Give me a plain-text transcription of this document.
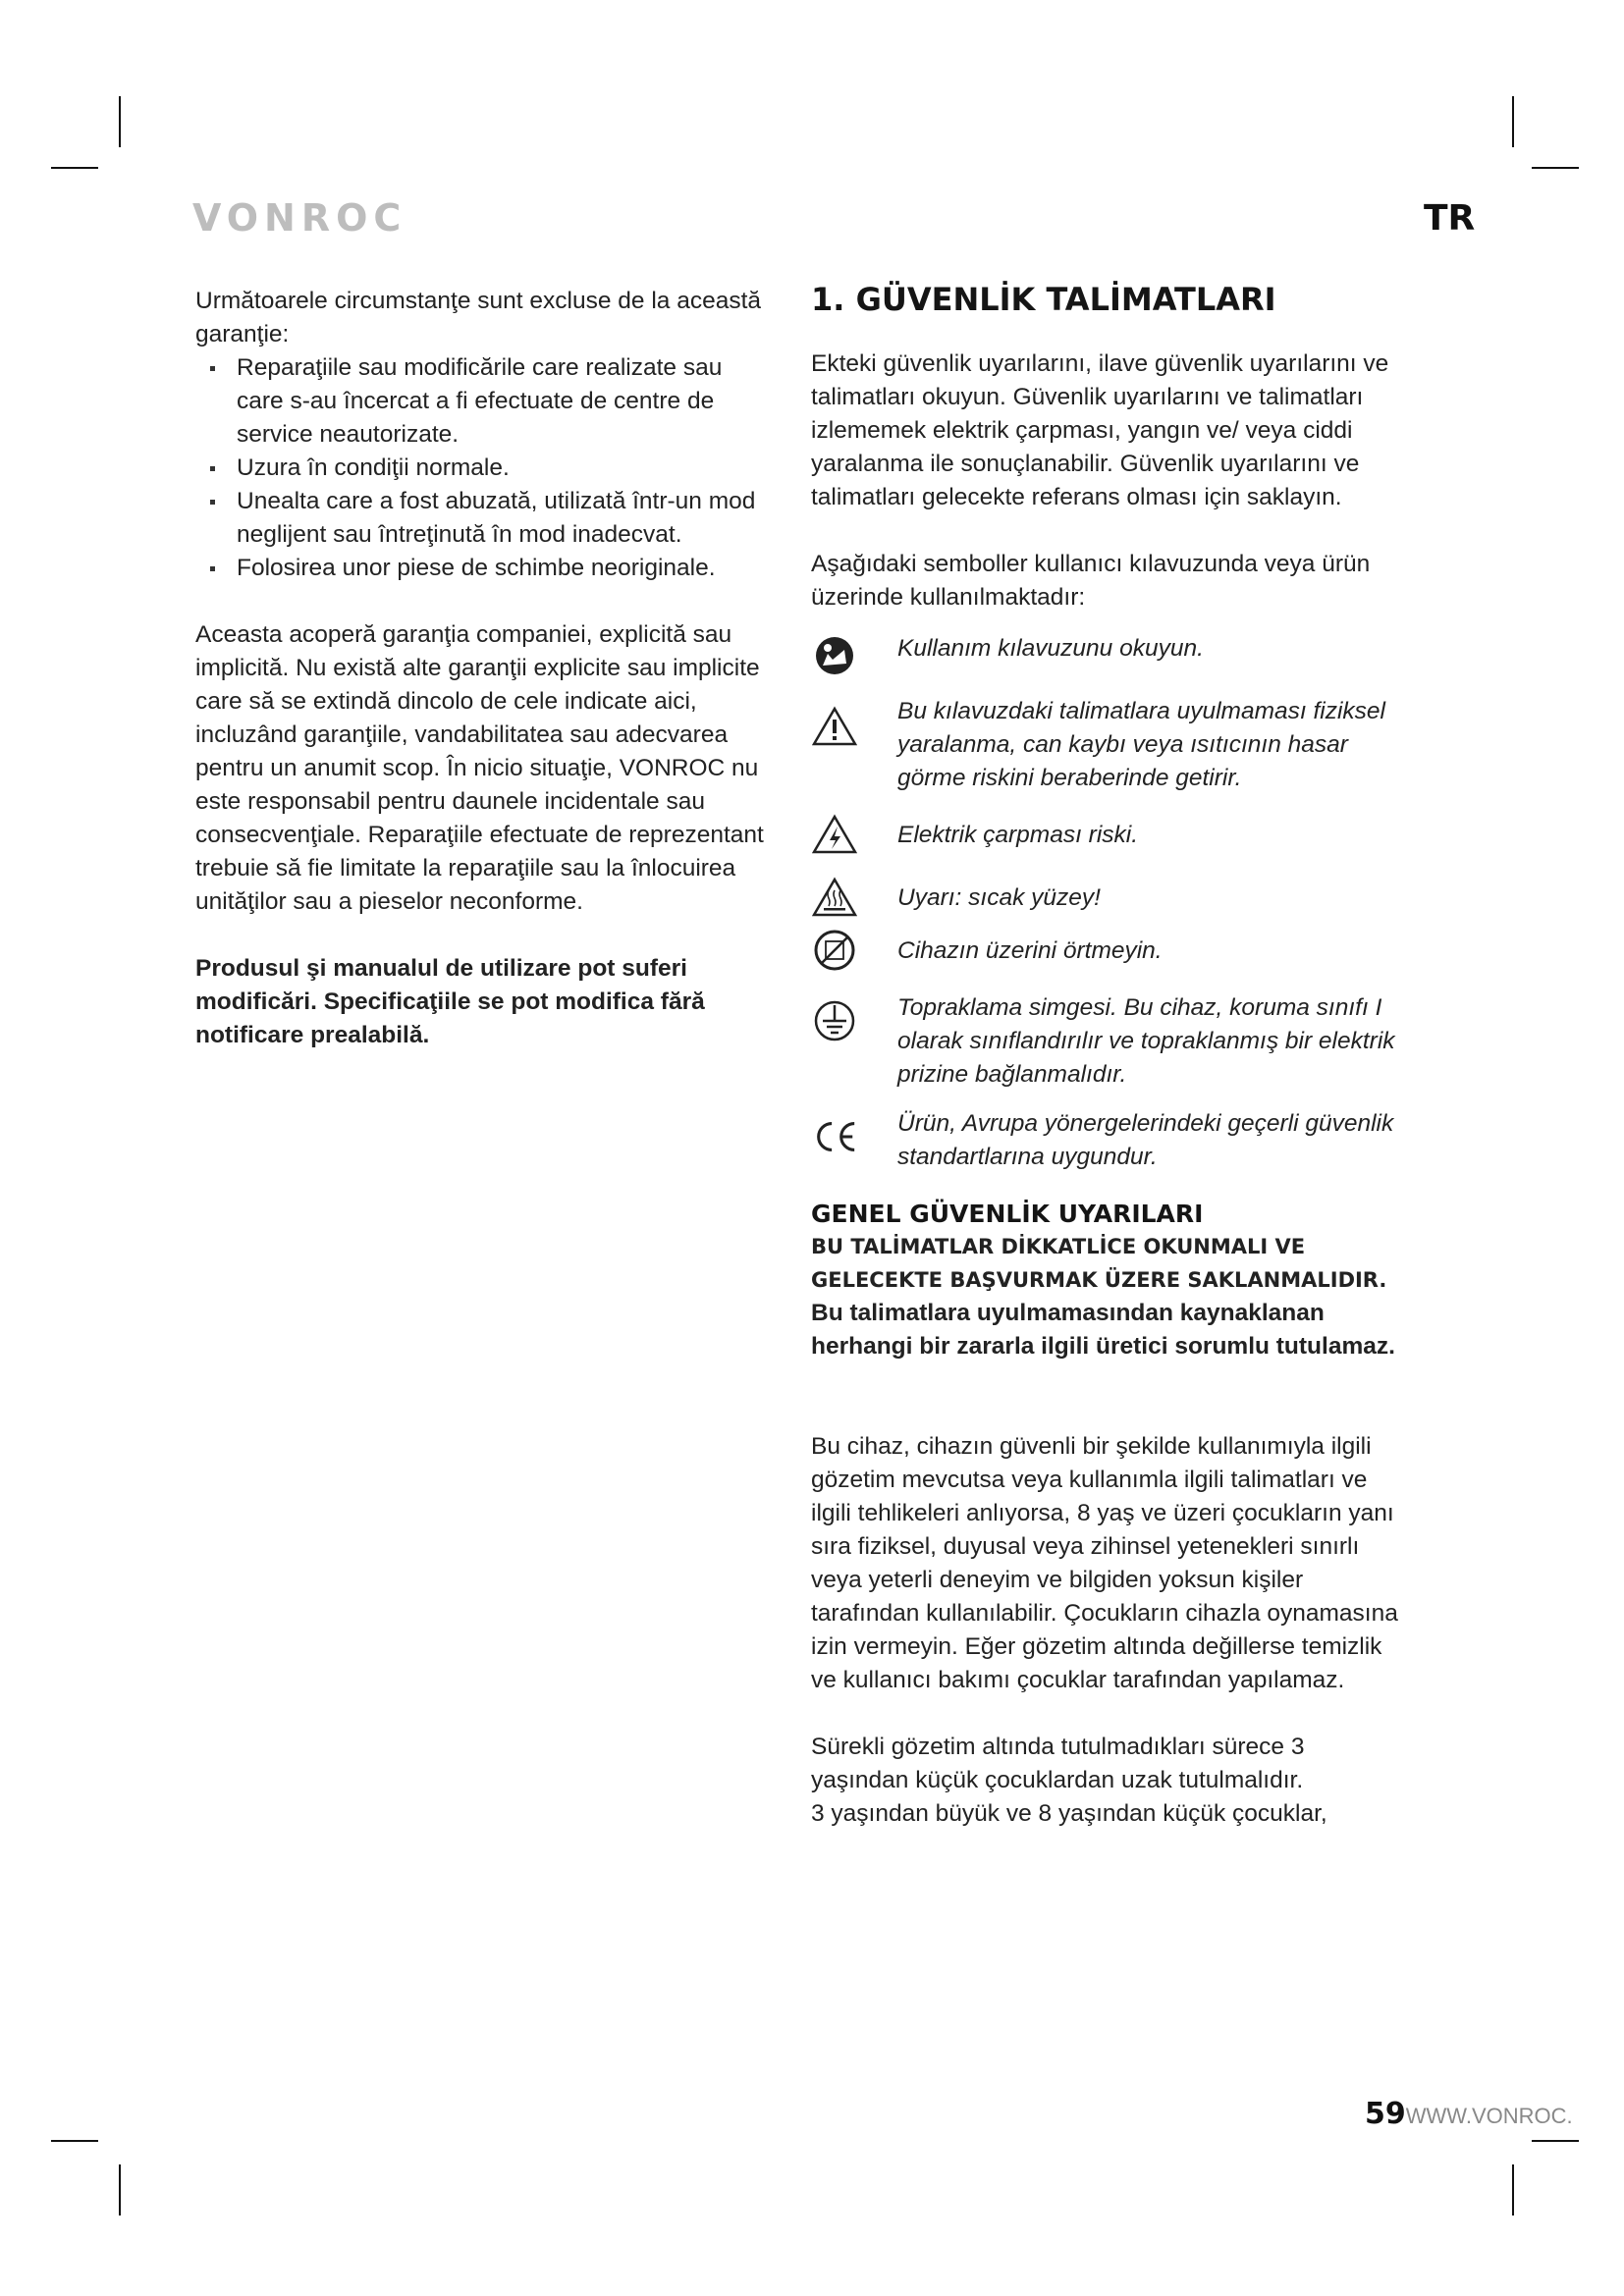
VONROC	TR

Următoarele circumstanţe sunt excluse de la această garanţie:

Reparaţiile sau modificările care realizate sau care s-au încercat a fi efectuate de centre de service neautorizate.
Uzura în condiţii normale.
Unealta care a fost abuzată, utilizată într-un mod neglijent sau întreţinută în mod inadecvat.
Folosirea unor piese de schimbe neoriginale.

Aceasta acoperă garanţia companiei, explicită sau implicită. Nu există alte garanţii explicite sau implicite care să se extindă dincolo de cele indicate aici, incluzând garanţiile, vandabilitatea sau adecvarea pentru un anumit scop. În nicio situaţie, VONROC nu este responsabil pentru daunele incidentale sau consecvenţiale. Reparaţiile efectuate de reprezentant trebuie să fie limitate la reparaţiile sau la înlocuirea unităţilor sau a pieselor neconforme.

Produsul şi manualul de utilizare pot suferi modificări. Specificaţiile se pot modifica fără notificare prealabilă.

1. GÜVENLİK TALİMATLARI

Ekteki güvenlik uyarılarını, ilave güvenlik uyarılarını ve talimatları okuyun. Güvenlik uyarılarını ve talimatları izlememek elektrik çarpması, yangın ve/ veya ciddi yaralanma ile sonuçlanabilir. Güvenlik uyarılarını ve talimatları gelecekte referans olması için saklayın.

Aşağıdaki semboller kullanıcı kılavuzunda veya ürün üzerinde kullanılmaktadır:

Kullanım kılavuzunu okuyun.
Bu kılavuzdaki talimatlara uyulmaması fiziksel yaralanma, can kaybı veya ısıtıcının hasar görme riskini beraberinde getirir.
Elektrik çarpması riski.
Uyarı: sıcak yüzey!
Cihazın üzerini örtmeyin.
Topraklama simgesi. Bu cihaz, koruma sınıfı I olarak sınıflandırılır ve topraklanmış bir elektrik prizine bağlanmalıdır.
Ürün, Avrupa yönergelerindeki geçerli güvenlik standartlarına uygundur.
GENEL GÜVENLİK UYARILARI

BU TALİMATLAR DİKKATLİCE OKUNMALI VE GELECEKTE BAŞVURMAK ÜZERE SAKLANMALIDIR. Bu talimatlara uyulmamasından kaynaklanan herhangi bir zararla ilgili üretici sorumlu tutulamaz.

Bu cihaz, cihazın güvenli bir şekilde kullanımıyla ilgili gözetim mevcutsa veya kullanımla ilgili talimatları ve ilgili tehlikeleri anlıyorsa, 8 yaş ve üzeri çocukların yanı sıra fiziksel, duyusal veya zihinsel yetenekleri sınırlı veya yeterli deneyim ve bilgiden yoksun kişiler tarafından kullanılabilir. Çocukların cihazla oynamasına izin vermeyin. Eğer gözetim altında değillerse temizlik ve kullanıcı bakımı çocuklar tarafından yapılamaz.

Sürekli gözetim altında tutulmadıkları sürece 3 yaşından küçük çocuklardan uzak tutulmalıdır.

3 yaşından büyük ve 8 yaşından küçük çocuklar,

59WWW.VONROC.
